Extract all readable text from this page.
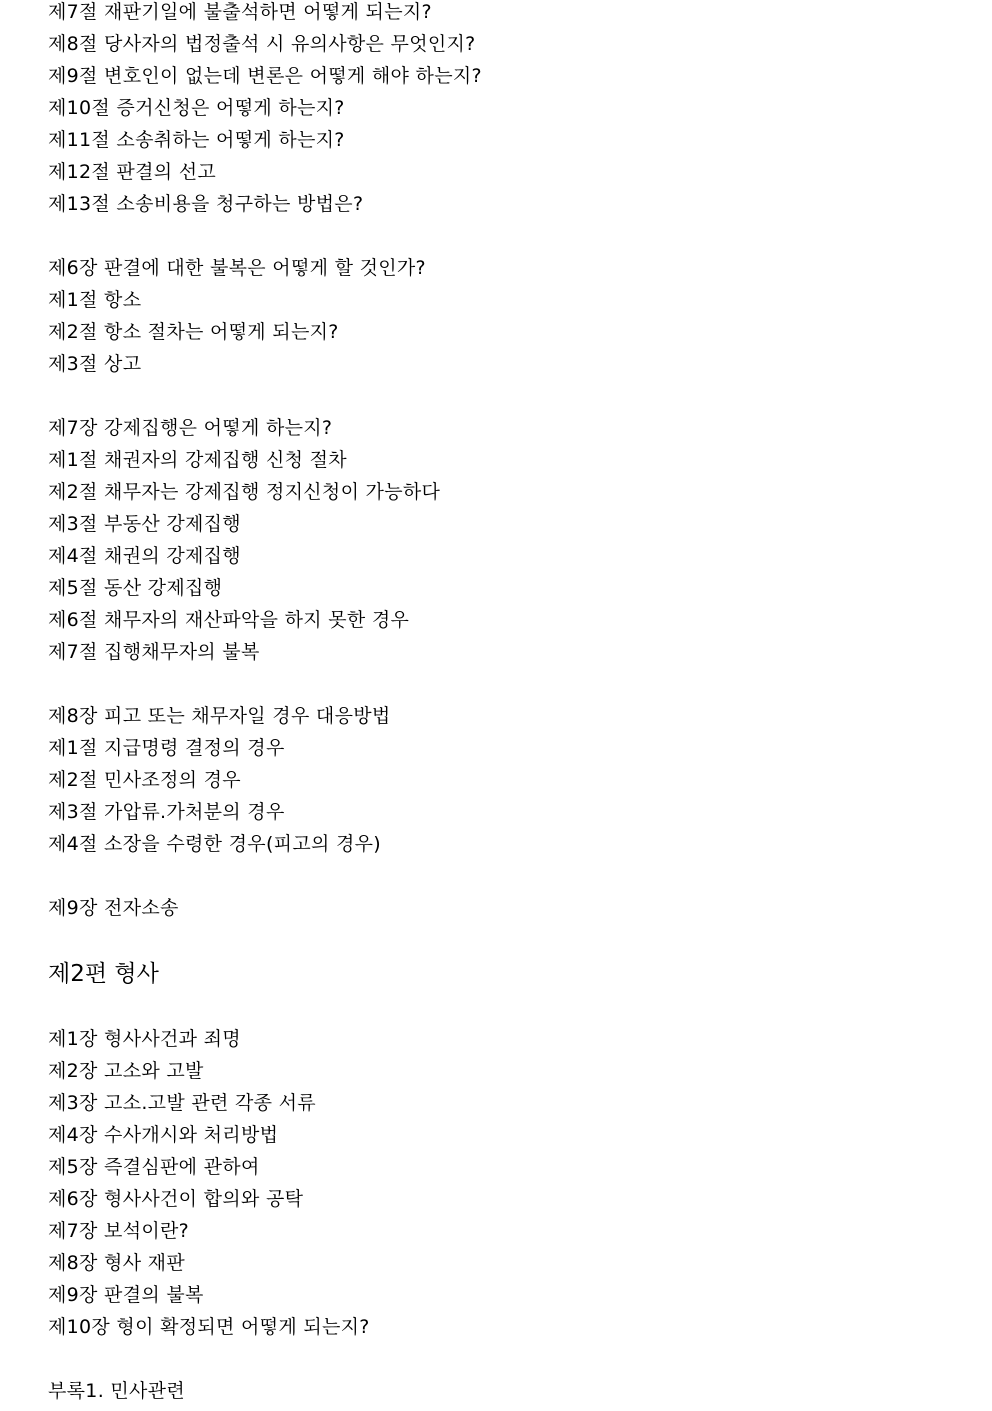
제7절 재판기일에 불출석하면 어떻게 되는지?
제8절 당사자의 법정출석 시 유의사항은 무엇인지?
제9절 변호인이 없는데 변론은 어떻게 해야 하는지?
제10절 증거신청은 어떻게 하는지?
제11절 소송취하는 어떻게 하는지?
제12절 판결의 선고
제13절 소송비용을 청구하는 방법은?
제6장 판결에 대한 불복은 어떻게 할 것인가?
제1절 항소
제2절 항소 절차는 어떻게 되는지?
제3절 상고
제7장 강제집행은 어떻게 하는지?
제1절 채권자의 강제집행 신청 절차
제2절 채무자는 강제집행 정지신청이 가능하다
제3절 부동산 강제집행
제4절 채권의 강제집행
제5절 동산 강제집행
제6절 채무자의 재산파악을 하지 못한 경우
제7절 집행채무자의 불복
제8장 피고 또는 채무자일 경우 대응방법
제1절 지급명령 결정의 경우
제2절 민사조정의 경우
제3절 가압류.가처분의 경우
제4절 소장을 수령한 경우(피고의 경우)
제9장 전자소송
제2편 형사
제1장 형사사건과 죄명
제2장 고소와 고발
제3장 고소.고발 관련 각종 서류
제4장 수사개시와 처리방법
제5장 즉결심판에 관하여
제6장 형사사건이 합의와 공탁
제7장 보석이란?
제8장 형사 재판
제9장 판결의 불복
제10장 형이 확정되면 어떻게 되는지?
부록1. 민사관련
